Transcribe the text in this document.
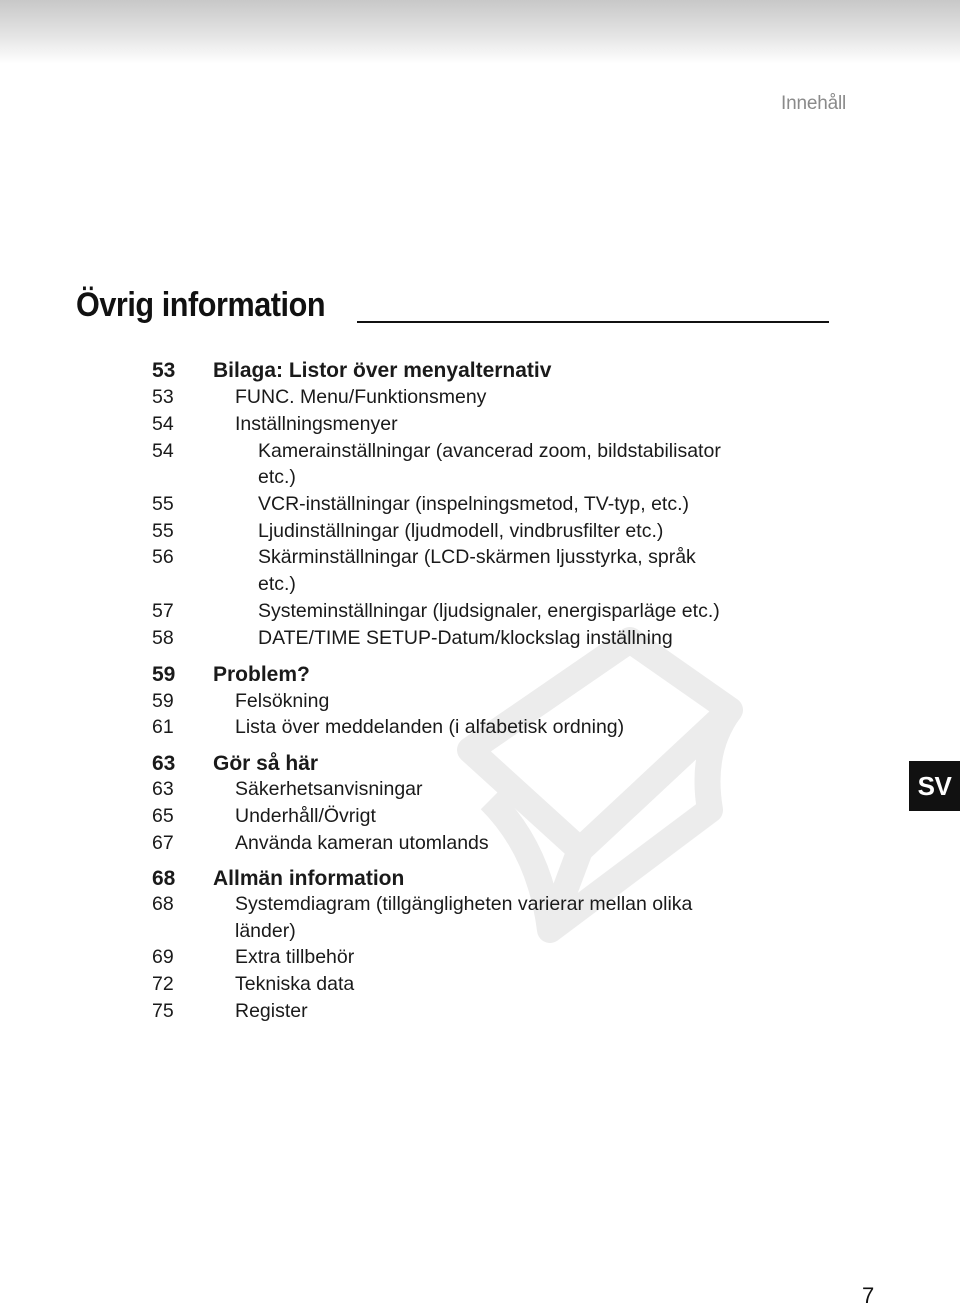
Innehåll
Övrig information
53 Bilaga: Listor över menyalternativ
53	FUNC. Menu/Funktionsmeny
54	Inställningsmenyer
54	Kamerainställningar (avancerad zoom, bildstabilisator
etc.)
55	VCR-inställningar (inspelningsmetod, TV-typ, etc.)
55	Ljudinställningar (ljudmodell, vindbrusfilter etc.)
56	Skärminställningar (LCD-skärmen ljusstyrka, språk
etc.)
57	Systeminställningar (ljudsignaler, energisparläge etc.)
58	DATE/TIME SETUP-Datum/klockslag inställning
59 Problem?
59	Felsökning
61	Lista över meddelanden (i alfabetisk ordning)
63 Gör så här
63	Säkerhetsanvisningar
65	Underhåll/Övrigt
67	Använda kameran utomlands
68 Allmän information
68	Systemdiagram (tillgängligheten varierar mellan olika
länder)
69	Extra tillbehör
72	Tekniska data
75	Register
SV
7
